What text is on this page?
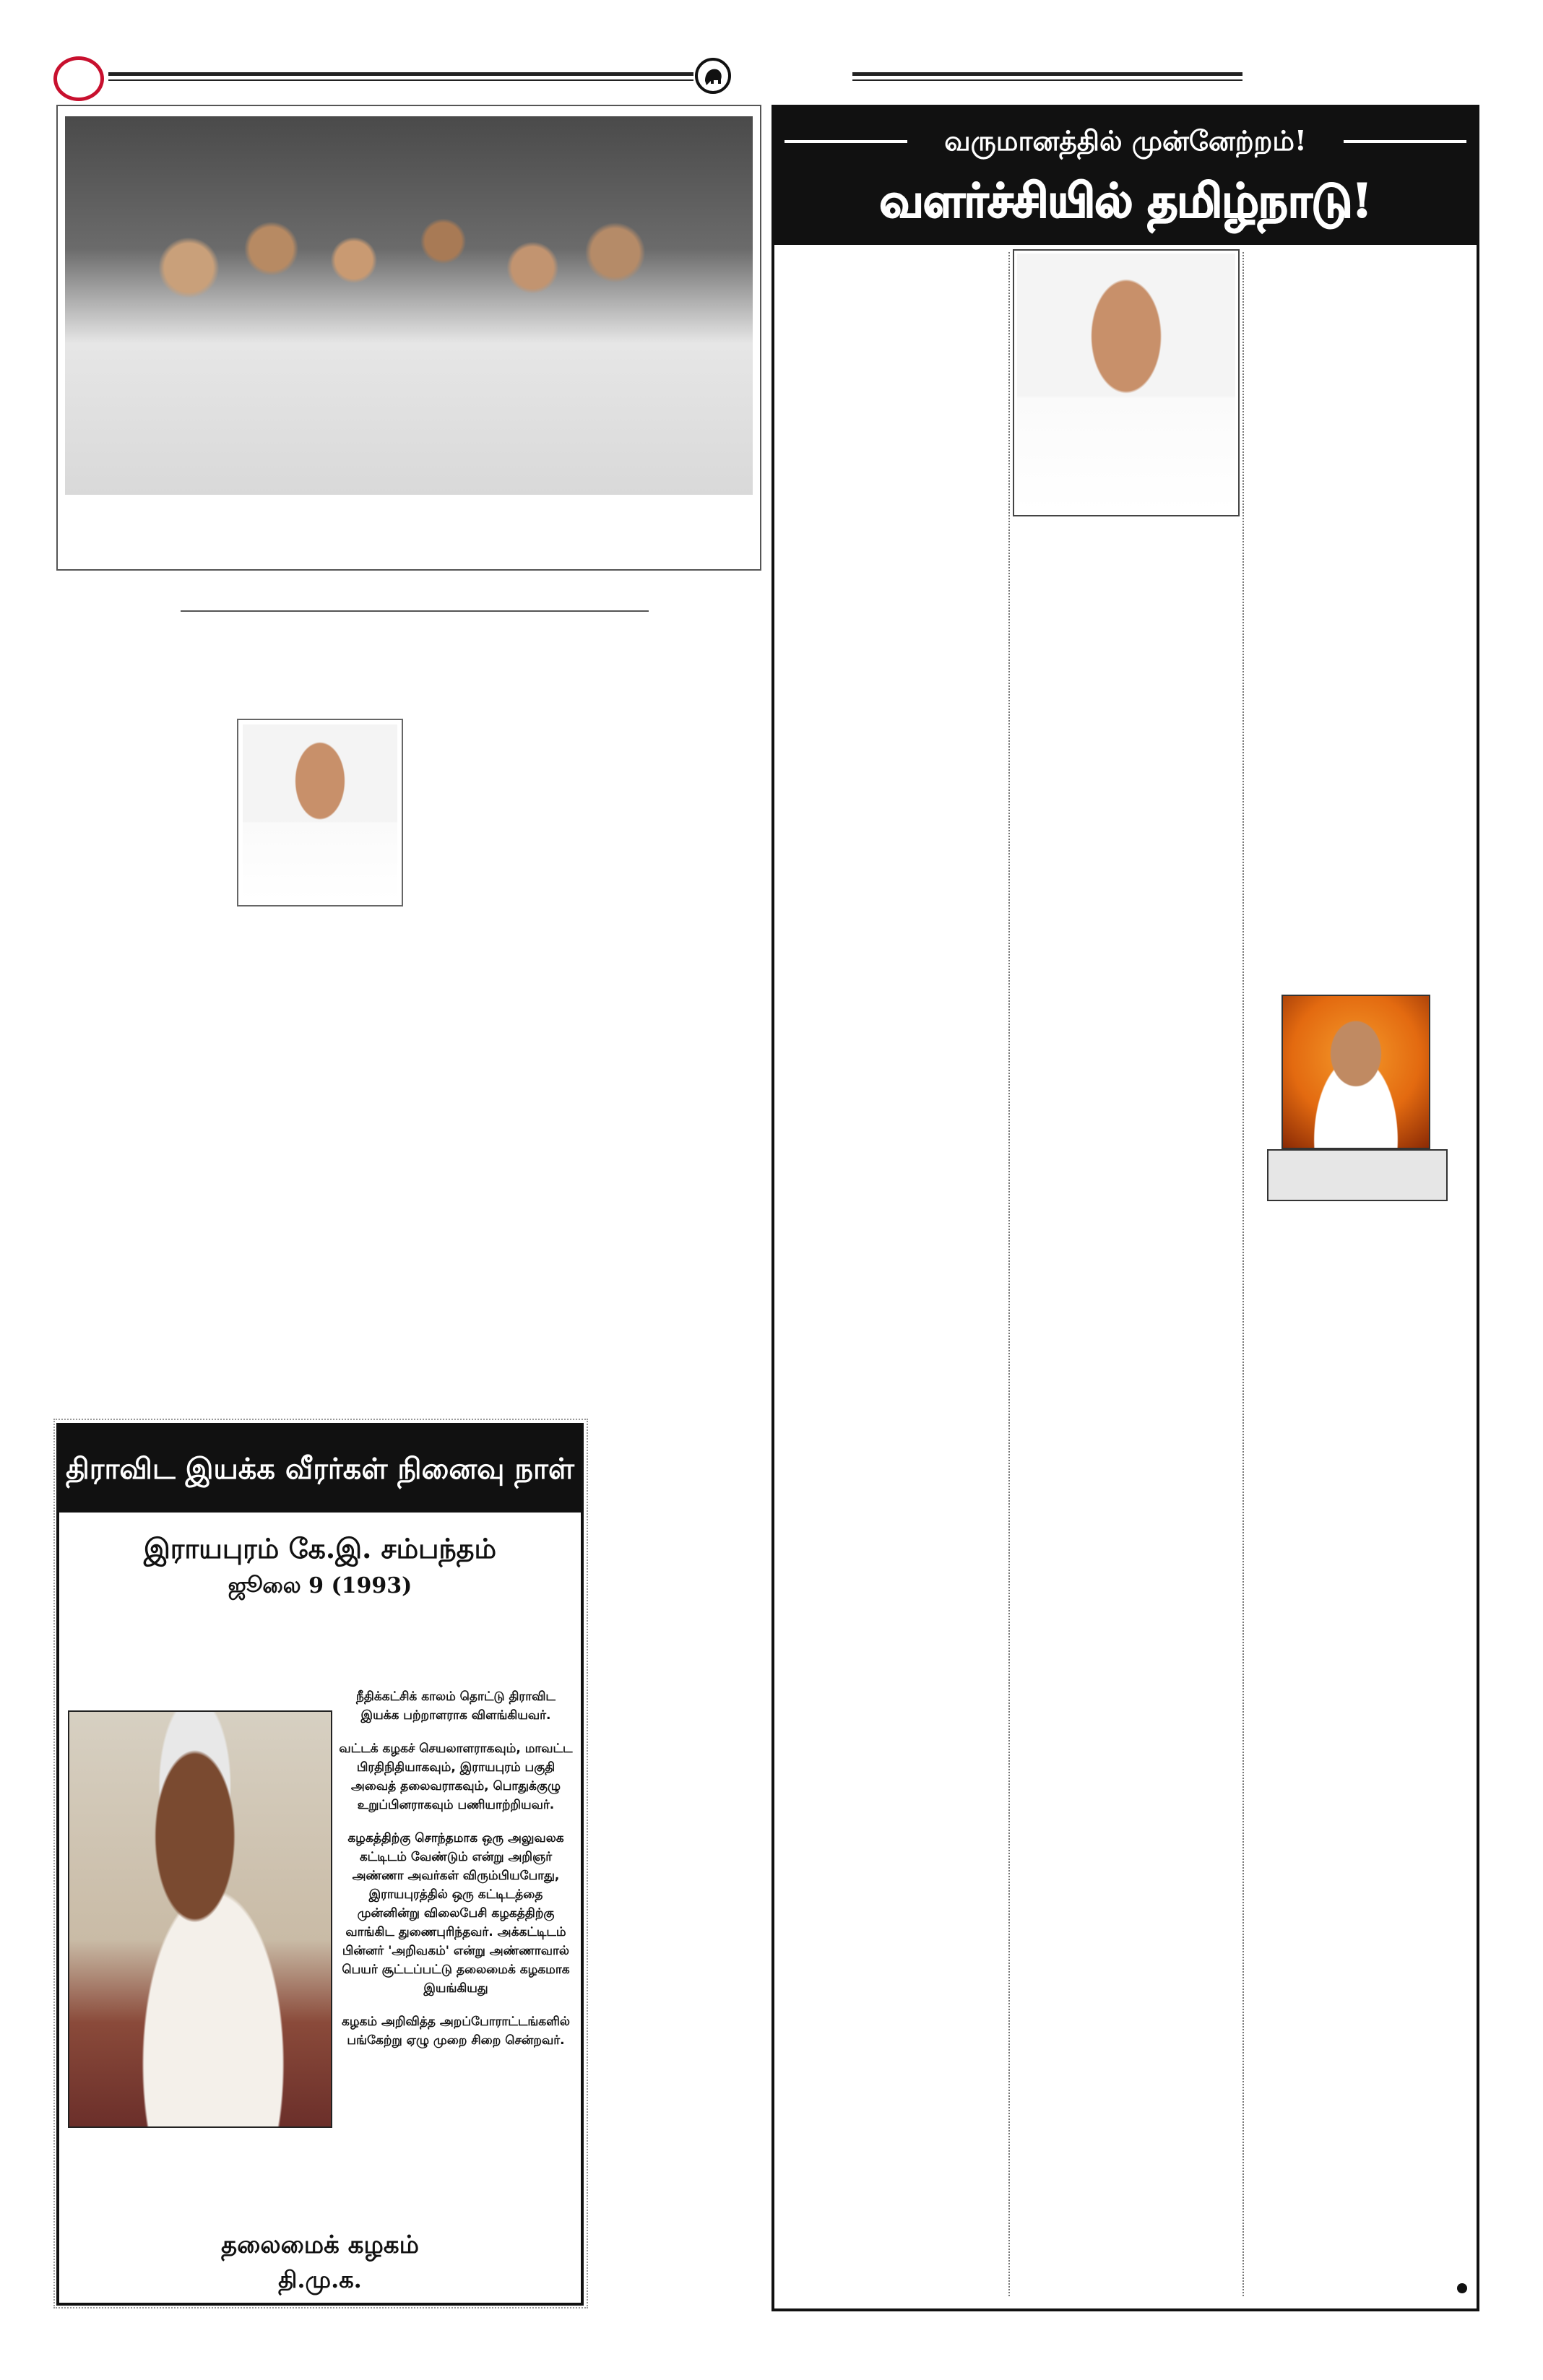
வருமானத்தில் முன்னேற்றம்!
வளர்ச்சியில் தமிழ்நாடு!
திராவிட இயக்க வீரர்கள் நினைவு நாள்
இராயபுரம் கே.இ. சம்பந்தம்
ஜூலை 9 (1993)

நீதிக்கட்சிக் காலம் தொட்டு திராவிட இயக்க பற்றாளராக விளங்கியவர்.

வட்டக் கழகச் செயலாளராகவும், மாவட்ட பிரதிநிதியாகவும், இராயபுரம் பகுதி அவைத் தலைவராகவும், பொதுக்குழு உறுப்பினராகவும் பணியாற்றியவர்.

கழகத்திற்கு சொந்தமாக ஒரு அலுவலக கட்டிடம் வேண்டும் என்று அறிஞர் அண்ணா அவர்கள் விரும்பியபோது, இராயபுரத்தில் ஒரு கட்டிடத்தை முன்னின்று விலைபேசி கழகத்திற்கு வாங்கிட துணைபுரிந்தவர். அக்கட்டிடம் பின்னர் 'அறிவகம்' என்று அண்ணாவால் பெயர் சூட்டப்பட்டு தலைமைக் கழகமாக இயங்கியது

கழகம் அறிவித்த அறப்போராட்டங்களில் பங்கேற்று ஏழு முறை சிறை சென்றவர்.

தலைமைக் கழகம்
தி.மு.க.
